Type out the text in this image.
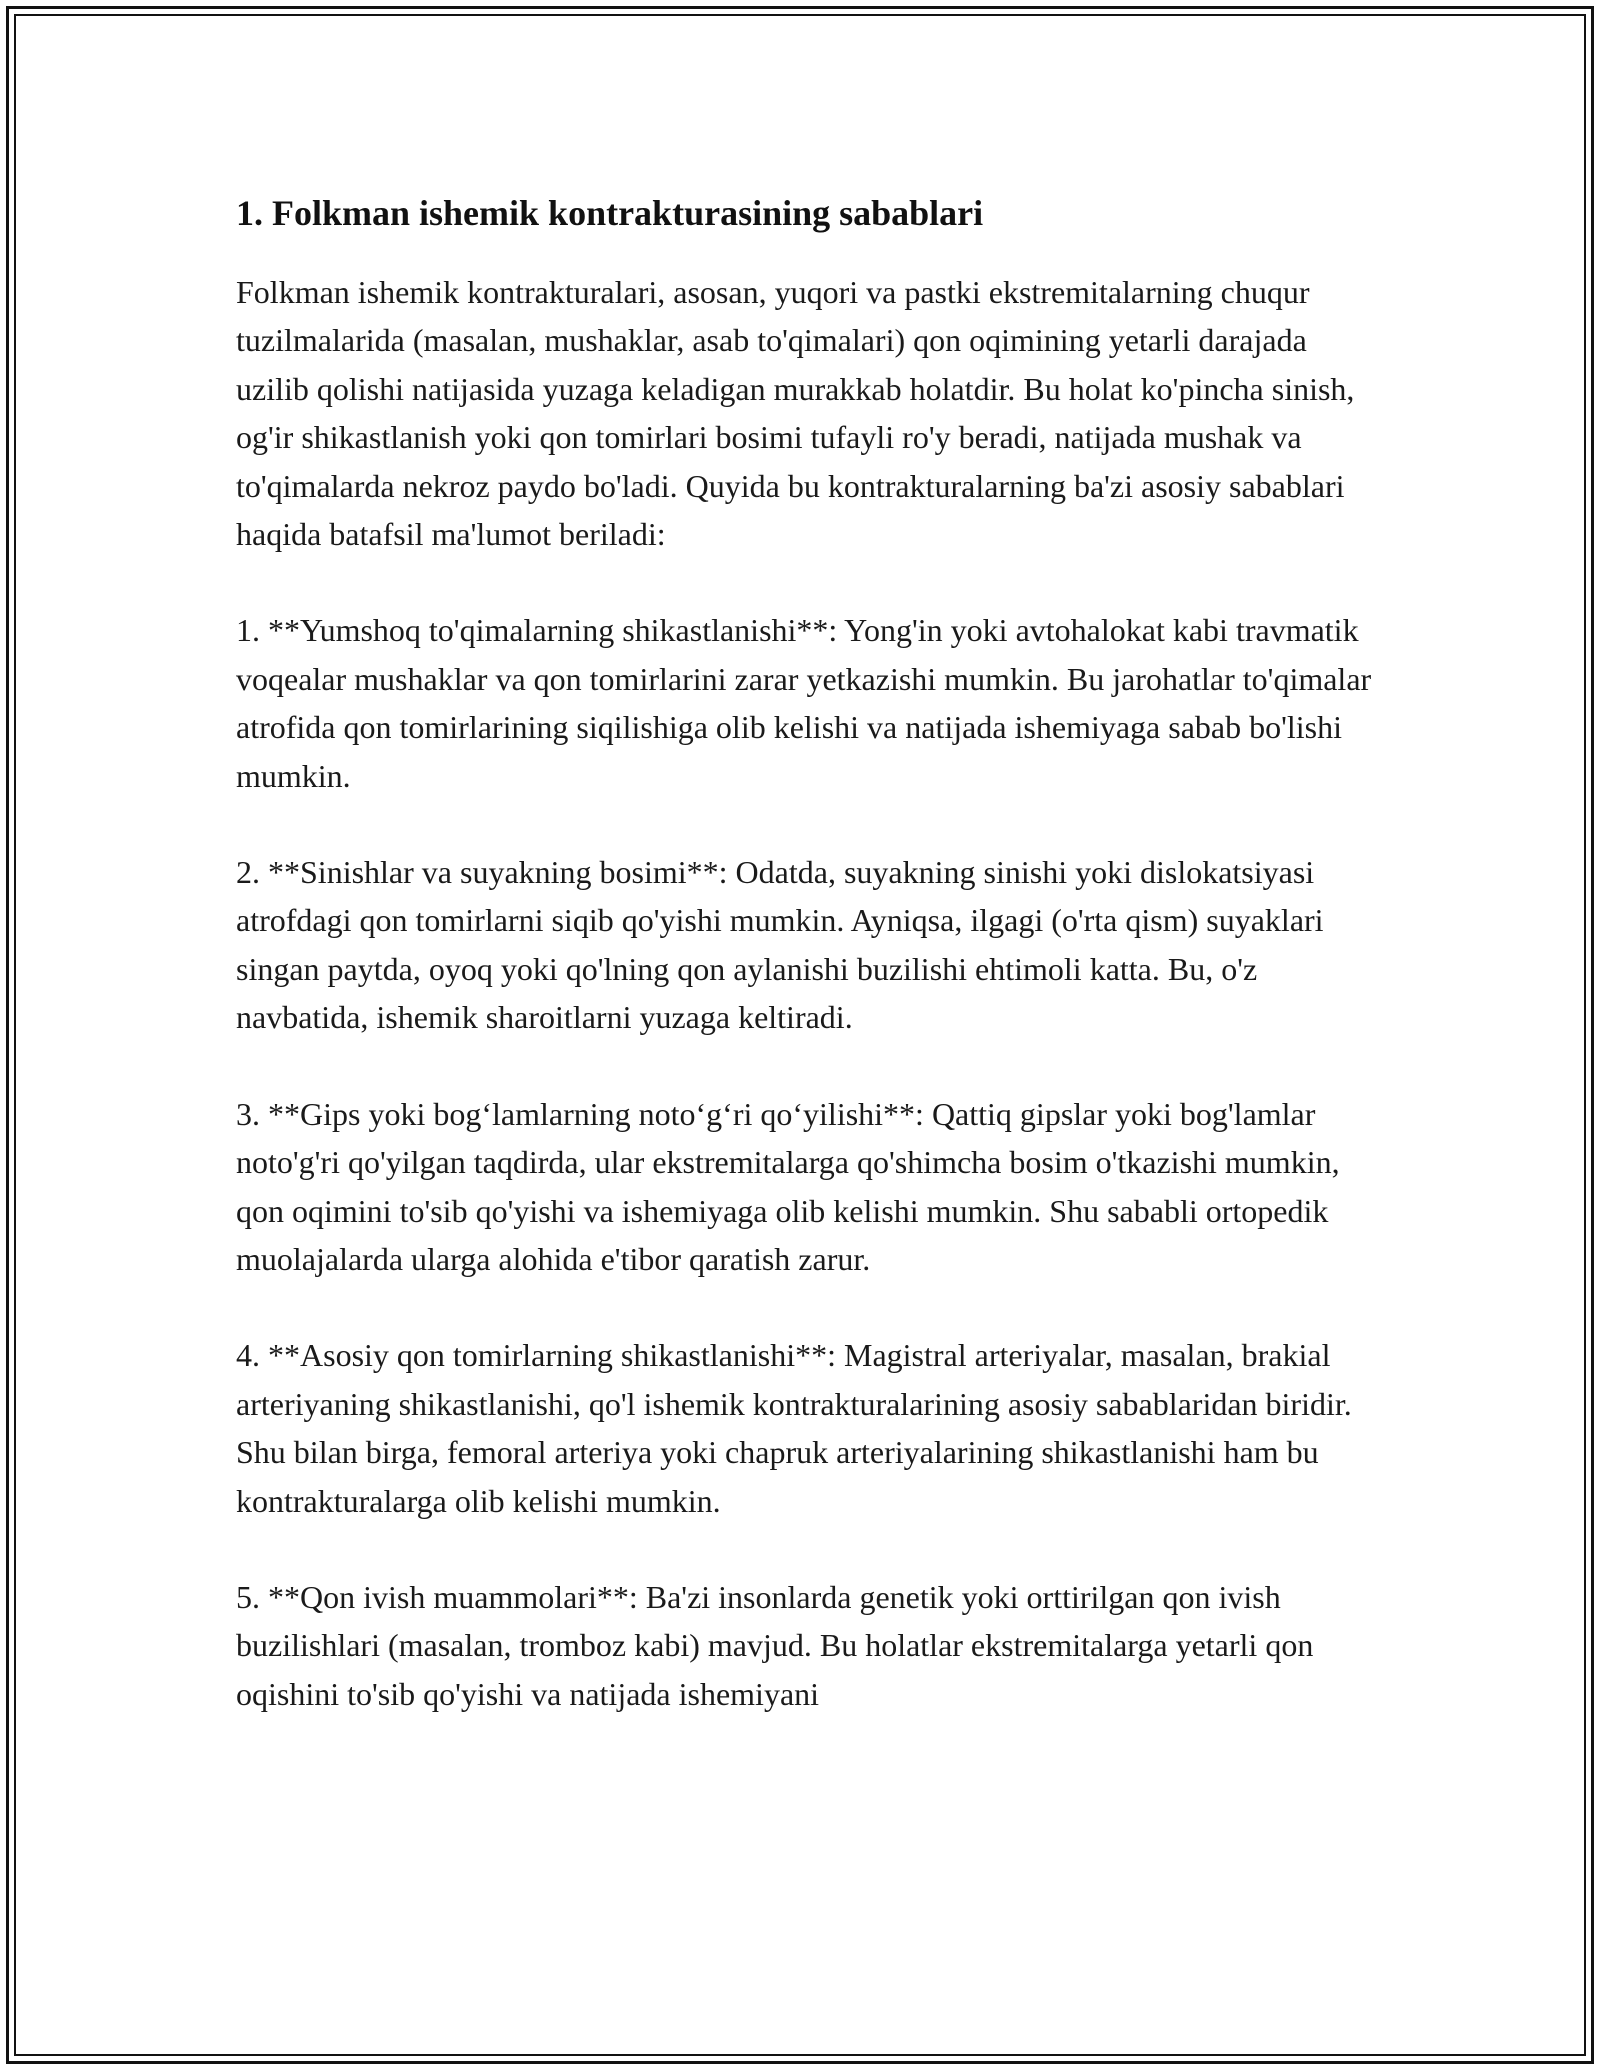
1. Folkman ishemik kontrakturasining sabablari

Folkman ishemik kontrakturalari, asosan, yuqori va pastki ekstremitalarning chuqur tuzilmalarida (masalan, mushaklar, asab to'qimalari) qon oqimining yetarli darajada uzilib qolishi natijasida yuzaga keladigan murakkab holatdir. Bu holat ko'pincha sinish, og'ir shikastlanish yoki qon tomirlari bosimi tufayli ro'y beradi, natijada mushak va to'qimalarda nekroz paydo bo'ladi. Quyida bu kontrakturalarning ba'zi asosiy sabablari haqida batafsil ma'lumot beriladi:

1. **Yumshoq to'qimalarning shikastlanishi**: Yong'in yoki avtohalokat kabi travmatik voqealar mushaklar va qon tomirlarini zarar yetkazishi mumkin. Bu jarohatlar to'qimalar atrofida qon tomirlarining siqilishiga olib kelishi va natijada ishemiyaga sabab bo'lishi mumkin.

2. **Sinishlar va suyakning bosimi**: Odatda, suyakning sinishi yoki dislokatsiyasi atrofdagi qon tomirlarni siqib qo'yishi mumkin. Ayniqsa, ilgagi (o'rta qism) suyaklari singan paytda, oyoq yoki qo'lning qon aylanishi buzilishi ehtimoli katta. Bu, o'z navbatida, ishemik sharoitlarni yuzaga keltiradi.

3. **Gips yoki bog‘lamlarning noto‘g‘ri qo‘yilishi**: Qattiq gipslar yoki bog'lamlar noto'g'ri qo'yilgan taqdirda, ular ekstremitalarga qo'shimcha bosim o'tkazishi mumkin, qon oqimini to'sib qo'yishi va ishemiyaga olib kelishi mumkin. Shu sababli ortopedik muolajalarda ularga alohida e'tibor qaratish zarur.

4. **Asosiy qon tomirlarning shikastlanishi**: Magistral arteriyalar, masalan, brakial arteriyaning shikastlanishi, qo'l ishemik kontrakturalarining asosiy sabablaridan biridir. Shu bilan birga, femoral arteriya yoki chapruk arteriyalarining shikastlanishi ham bu kontrakturalarga olib kelishi mumkin.

5. **Qon ivish muammolari**: Ba'zi insonlarda genetik yoki orttirilgan qon ivish buzilishlari (masalan, tromboz kabi) mavjud. Bu holatlar ekstremitalarga yetarli qon oqishini to'sib qo'yishi va natijada ishemiyani
